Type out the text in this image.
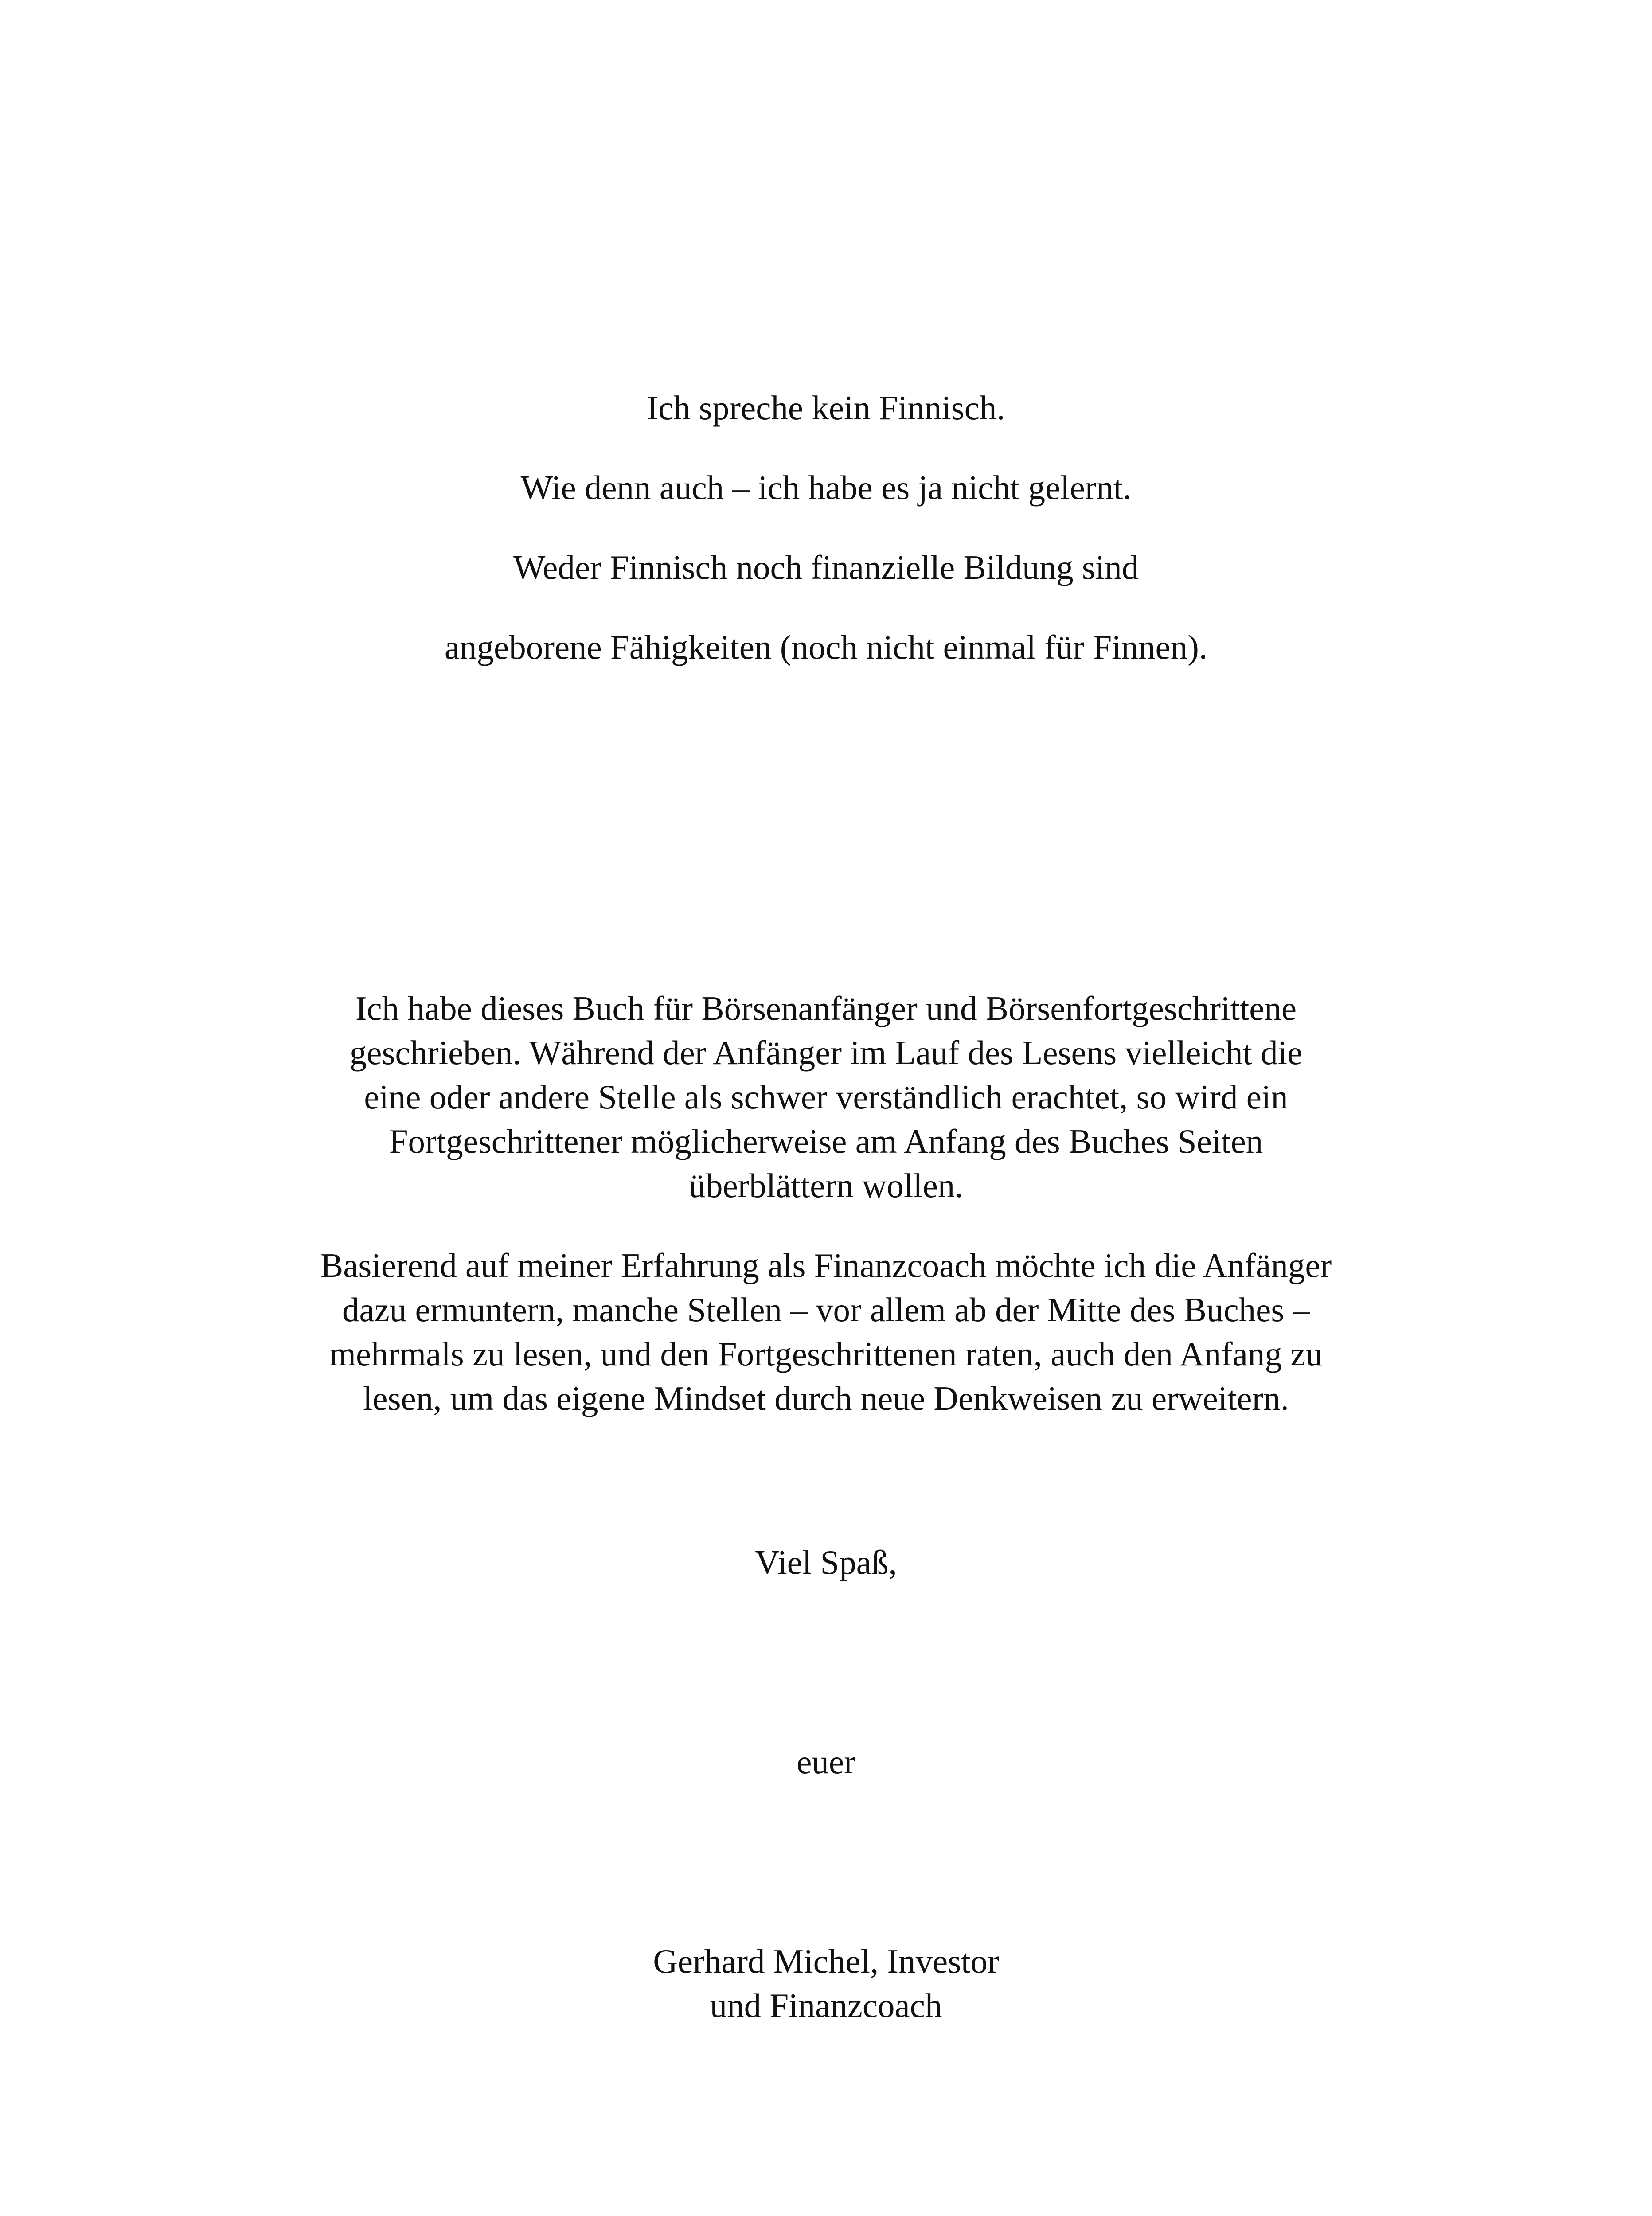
Ich spreche kein Finnisch.
Wie denn auch – ich habe es ja nicht gelernt.
Weder Finnisch noch finanzielle Bildung sind
angeborene Fähigkeiten (noch nicht einmal für Finnen).
Ich habe dieses Buch für Börsenanfänger und Börsenfortgeschrittene
geschrieben. Während der Anfänger im Lauf des Lesens vielleicht die
eine oder andere Stelle als schwer verständlich erachtet, so wird ein
Fortgeschrittener möglicherweise am Anfang des Buches Seiten
überblättern wollen.
Basierend auf meiner Erfahrung als Finanzcoach möchte ich die Anfänger
dazu ermuntern, manche Stellen – vor allem ab der Mitte des Buches –
mehrmals zu lesen, und den Fortgeschrittenen raten, auch den Anfang zu
lesen, um das eigene Mindset durch neue Denkweisen zu erweitern.
Viel Spaß,
euer
Gerhard Michel, Investor
und Finanzcoach
